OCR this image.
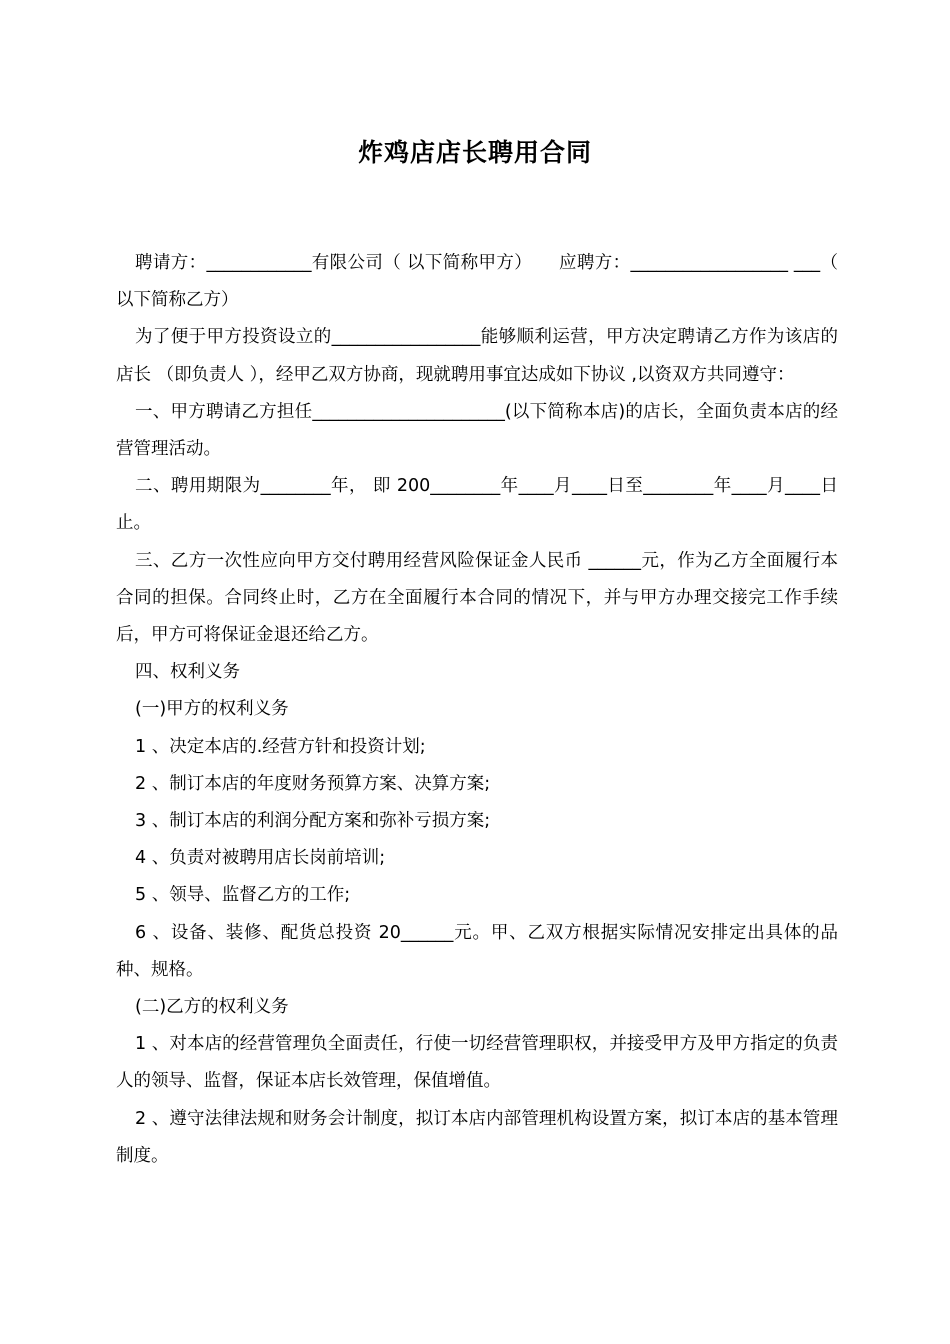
炸鸡店店长聘用合同

聘请方：____________有限公司（ 以下简称甲方）　　应聘方：__________________ ___（ 以下简称乙方）

为了便于甲方投资设立的_________________能够顺利运营，甲方决定聘请乙方作为该店的店长 （即负责人 ），经甲乙双方协商，现就聘用事宜达成如下协议 ,以资双方共同遵守：

一、甲方聘请乙方担任______________________(以下简称本店)的店长，全面负责本店的经营管理活动。

二、聘用期限为________年， 即 200________年____月____日至________年____月____日止。

三、乙方一次性应向甲方交付聘用经营风险保证金人民币 ______元，作为乙方全面履行本合同的担保。合同终止时，乙方在全面履行本合同的情况下，并与甲方办理交接完工作手续后，甲方可将保证金退还给乙方。

四、权利义务

(一)甲方的权利义务

1 、决定本店的.经营方针和投资计划;

2 、制订本店的年度财务预算方案、决算方案;

3 、制订本店的利润分配方案和弥补亏损方案;

4 、负责对被聘用店长岗前培训;

5 、领导、监督乙方的工作;

6 、设备、装修、配货总投资 20______元。甲、乙双方根据实际情况安排定出具体的品种、规格。

(二)乙方的权利义务

1 、对本店的经营管理负全面责任，行使一切经营管理职权，并接受甲方及甲方指定的负责人的领导、监督，保证本店长效管理，保值增值。

2 、遵守法律法规和财务会计制度，拟订本店内部管理机构设置方案，拟订本店的基本管理制度。
